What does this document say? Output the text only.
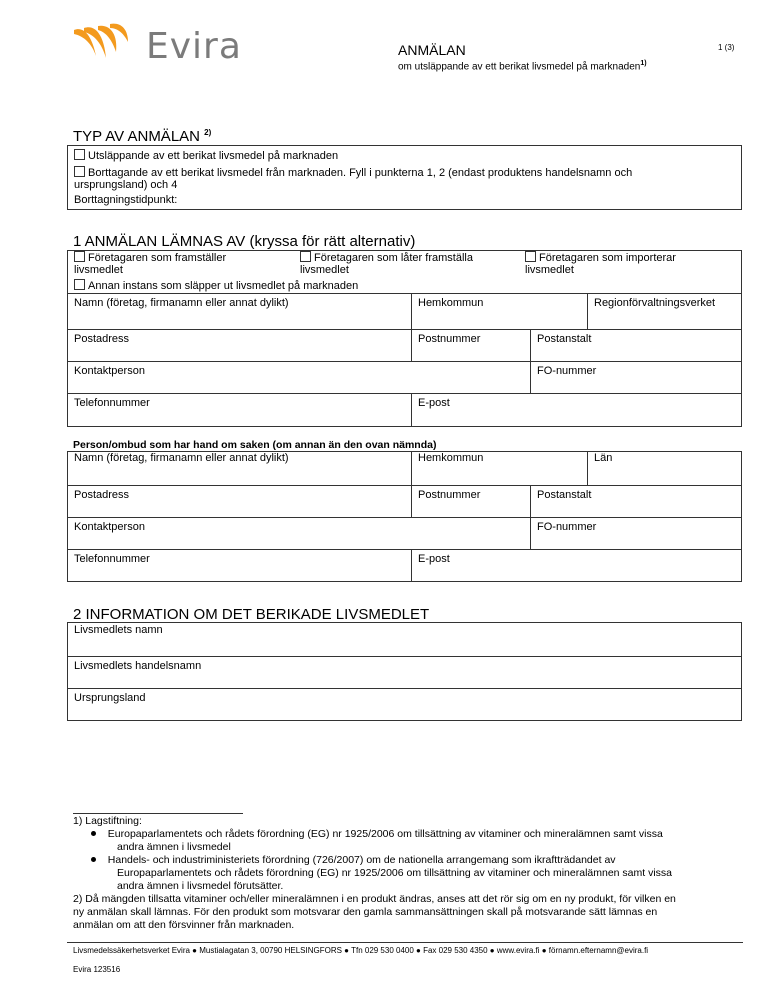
Evira	ANMÄLAN
om utsläppande av ett berikat livsmedel på marknaden$^{1)}$
1 (3)
TYP AV ANMÄLAN $^{2)}$
Utsläppande av ett berikat livsmedel på marknaden
Borttagande av ett berikat livsmedel från marknaden. Fyll i punkterna 1, 2 (endast produktens handelsnamn och
ursprungsland) och 4
Borttagningstidpunkt:
1 ANMÄLAN LÄMNAS AV (kryssa för rätt alternativ)
Företagaren som framställer
livsmedlet
Företagaren som låter framställa
livsmedlet
Företagaren som importerar
livsmedlet
Annan instans som släpper ut livsmedlet på marknaden
Namn (företag, firmanamn eller annat dylikt)	Hemkommun	Regionförvaltningsverket
Postadress	Postnummer	Postanstalt
Kontaktperson	FO-nummer
Telefonnummer	E-post
Person/ombud som har hand om saken (om annan än den ovan nämnda)
Namn (företag, firmanamn eller annat dylikt)	Hemkommun	Län
Postadress	Postnummer	Postanstalt
Kontaktperson	FO-nummer
Telefonnummer	E-post
2 INFORMATION OM DET BERIKADE LIVSMEDLET
Livsmedlets namn
Livsmedlets handelsnamn
Ursprungsland
1) Lagstiftning:
Europaparlamentets och rådets förordning (EG) nr 1925/2006 om tillsättning av vitaminer och mineralämnen samt vissa
andra ämnen i livsmedel
Handels- och industriministeriets förordning (726/2007) om de nationella arrangemang som ikraftträdandet av
Europaparlamentets och rådets förordning (EG) nr 1925/2006 om tillsättning av vitaminer och mineralämnen samt vissa
andra ämnen i livsmedel förutsätter.
2) Då mängden tillsatta vitaminer och/eller mineralämnen i en produkt ändras, anses att det rör sig om en ny produkt, för vilken en
ny anmälan skall lämnas. För den produkt som motsvarar den gamla sammansättningen skall på motsvarande sätt lämnas en
anmälan om att den försvinner från marknaden.
Livsmedelssäkerhetsverket Evira ● Mustialagatan 3, 00790 HELSINGFORS ● Tfn 029 530 0400 ● Fax 029 530 4350 ● www.evira.fi ● förnamn.efternamn@evira.fi
Evira 123516
